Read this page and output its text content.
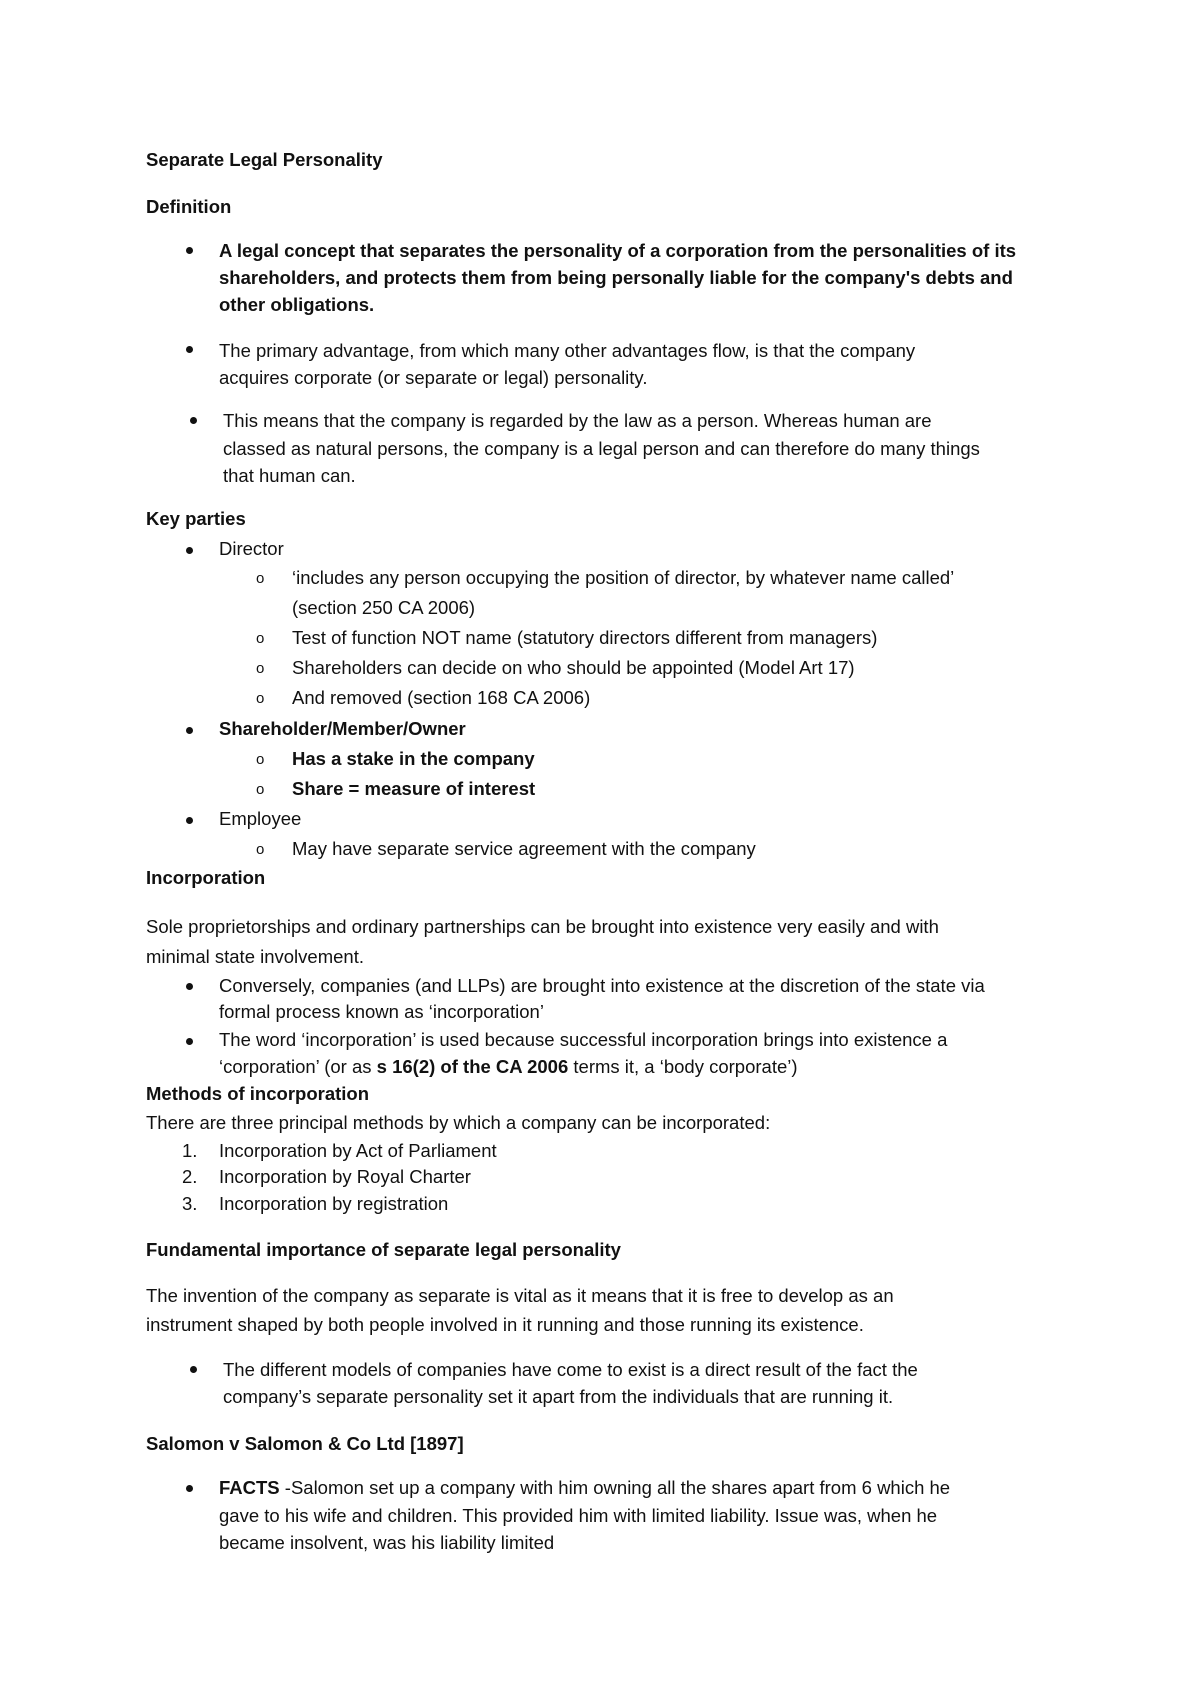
Separate Legal Personality
Definition
A legal concept that separates the personality of a corporation from the personalities of its
shareholders, and protects them from being personally liable for the company's debts and
other obligations.
The primary advantage, from which many other advantages flow, is that the company
acquires corporate (or separate or legal) personality.
This means that the company is regarded by the law as a person. Whereas human are
classed as natural persons, the company is a legal person and can therefore do many things
that human can.
Key parties
Director
o ‘includes any person occupying the position of director, by whatever name called’
(section 250 CA 2006)
o Test of function NOT name (statutory directors different from managers)
o Shareholders can decide on who should be appointed (Model Art 17)
o And removed (section 168 CA 2006)
Shareholder/Member/Owner
o Has a stake in the company
o Share = measure of interest
Employee
o May have separate service agreement with the company
Incorporation
Sole proprietorships and ordinary partnerships can be brought into existence very easily and with
minimal state involvement.
Conversely, companies (and LLPs) are brought into existence at the discretion of the state via
formal process known as ‘incorporation’
The word ‘incorporation’ is used because successful incorporation brings into existence a
‘corporation’ (or as s 16(2) of the CA 2006 terms it, a ‘body corporate’)
Methods of incorporation
There are three principal methods by which a company can be incorporated:
1. Incorporation by Act of Parliament
2. Incorporation by Royal Charter
3. Incorporation by registration
Fundamental importance of separate legal personality
The invention of the company as separate is vital as it means that it is free to develop as an
instrument shaped by both people involved in it running and those running its existence.
The different models of companies have come to exist is a direct result of the fact the
company’s separate personality set it apart from the individuals that are running it.
Salomon v Salomon & Co Ltd [1897]
FACTS -Salomon set up a company with him owning all the shares apart from 6 which he
gave to his wife and children. This provided him with limited liability. Issue was, when he
became insolvent, was his liability limited
